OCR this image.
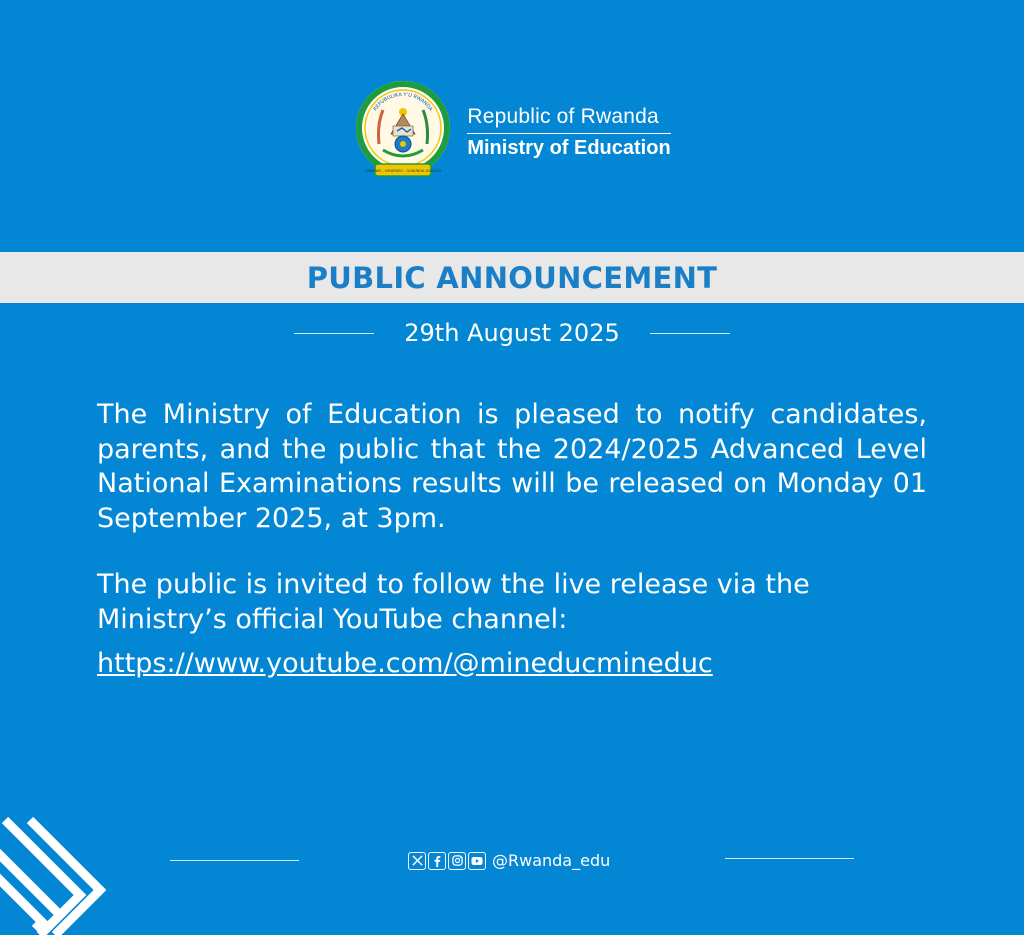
REPUBULIKA Y'U RWANDA
UBUMWE - UMURIMO - GUKUNDA IGIHUGU
Republic of Rwanda
Ministry of Education
PUBLIC ANNOUNCEMENT
29th August 2025

The Ministry of Education is pleased to notify candidates, parents, and the public that the 2024/2025 Advanced Level National Examinations results will be released on Monday 01 September 2025, at 3pm.

The public is invited to follow the live release via the Ministry’s official YouTube channel:

https://www.youtube.com/@mineducmineduc
@Rwanda_edu
